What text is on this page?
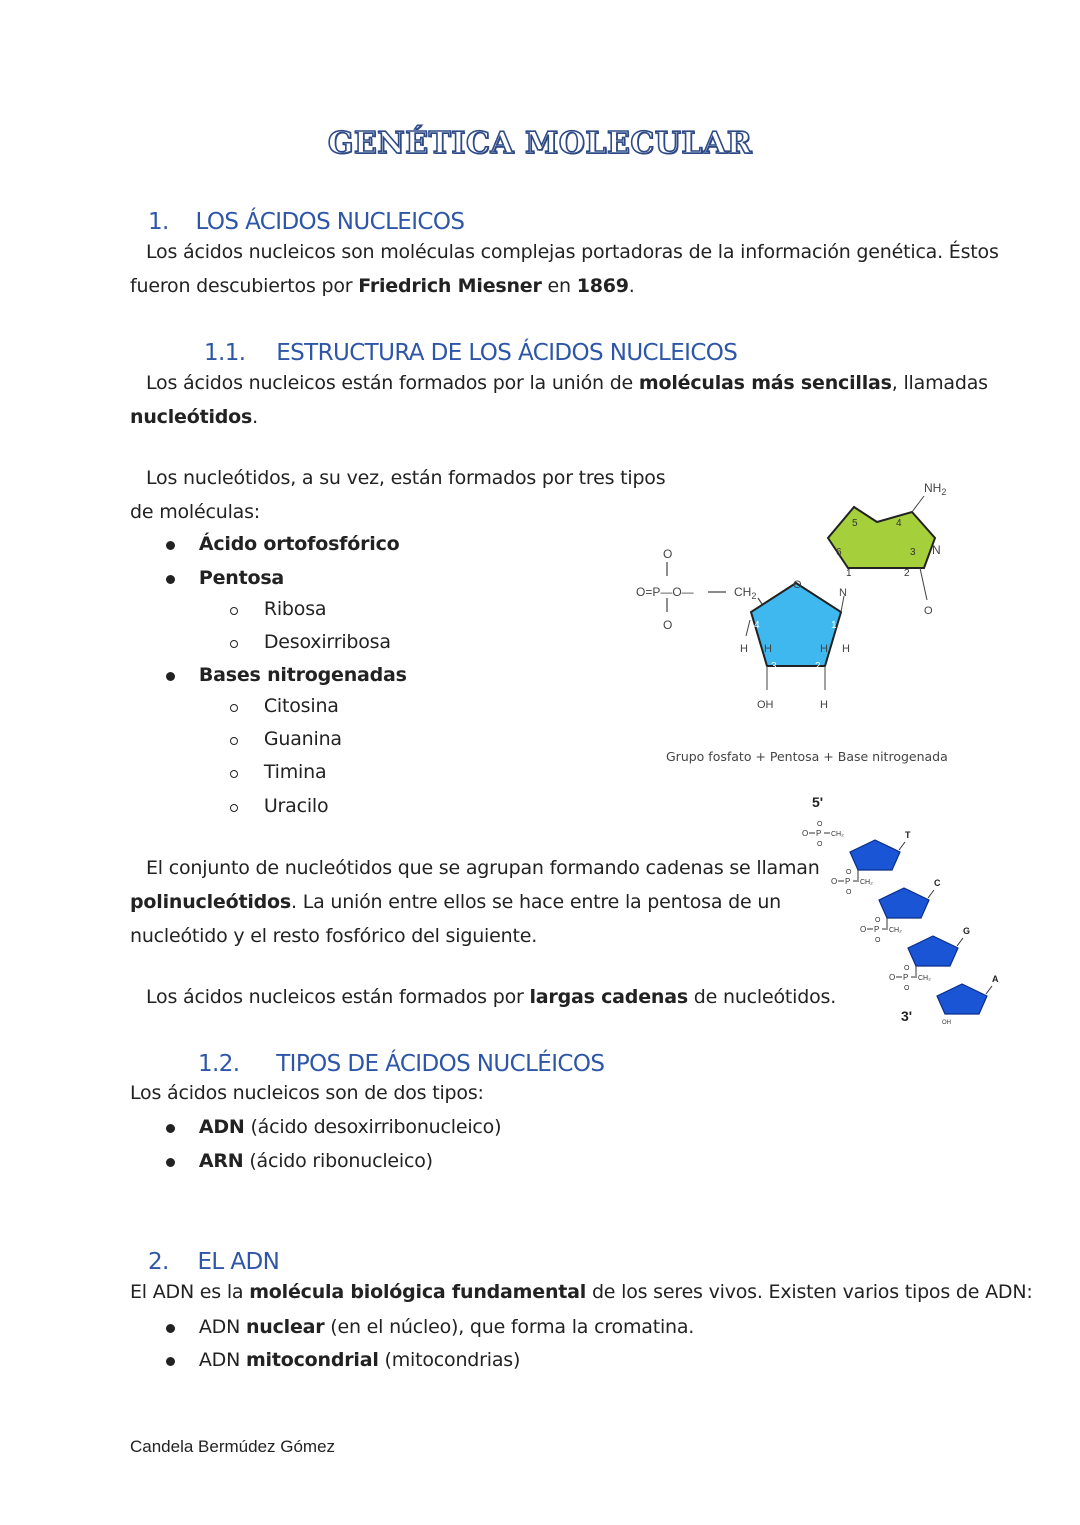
GENÉTICA MOLECULAR
1. LOS ÁCIDOS NUCLEICOS
Los ácidos nucleicos son moléculas complejas portadoras de la información genética. Éstos
fueron descubiertos por Friedrich Miesner en 1869.
1.1. ESTRUCTURA DE LOS ÁCIDOS NUCLEICOS
Los ácidos nucleicos están formados por la unión de moléculas más sencillas, llamadas
nucleótidos.
Los nucleótidos, a su vez, están formados por tres tipos
de moléculas:
Ácido ortofosfórico
Pentosa
Ribosa
Desoxirribosa
Bases nitrogenadas
Citosina
Guanina
Timina
Uracilo
O
O=P—O—
O
$CH_2$
O
4	1
3	2
H H	H H
OH	H
N
5	4
6	3
1	2
$NH_2$
N
O
Grupo fosfato + Pentosa + Base nitrogenada
5'
3'
O P
O
O
CH₂	T
O P
O
O
CH₂	C
O P
O
O
CH₂	G
O P
O
O
CH₂	A
OH
El conjunto de nucleótidos que se agrupan formando cadenas se llaman
polinucleótidos. La unión entre ellos se hace entre la pentosa de un
nucleótido y el resto fosfórico del siguiente.
Los ácidos nucleicos están formados por largas cadenas de nucleótidos.
1.2. TIPOS DE ÁCIDOS NUCLÉICOS
Los ácidos nucleicos son de dos tipos:
ADN (ácido desoxirribonucleico)
ARN (ácido ribonucleico)
2. EL ADN
El ADN es la molécula biológica fundamental de los seres vivos. Existen varios tipos de ADN:
ADN nuclear (en el núcleo), que forma la cromatina.
ADN mitocondrial (mitocondrias)
Candela Bermúdez Gómez
